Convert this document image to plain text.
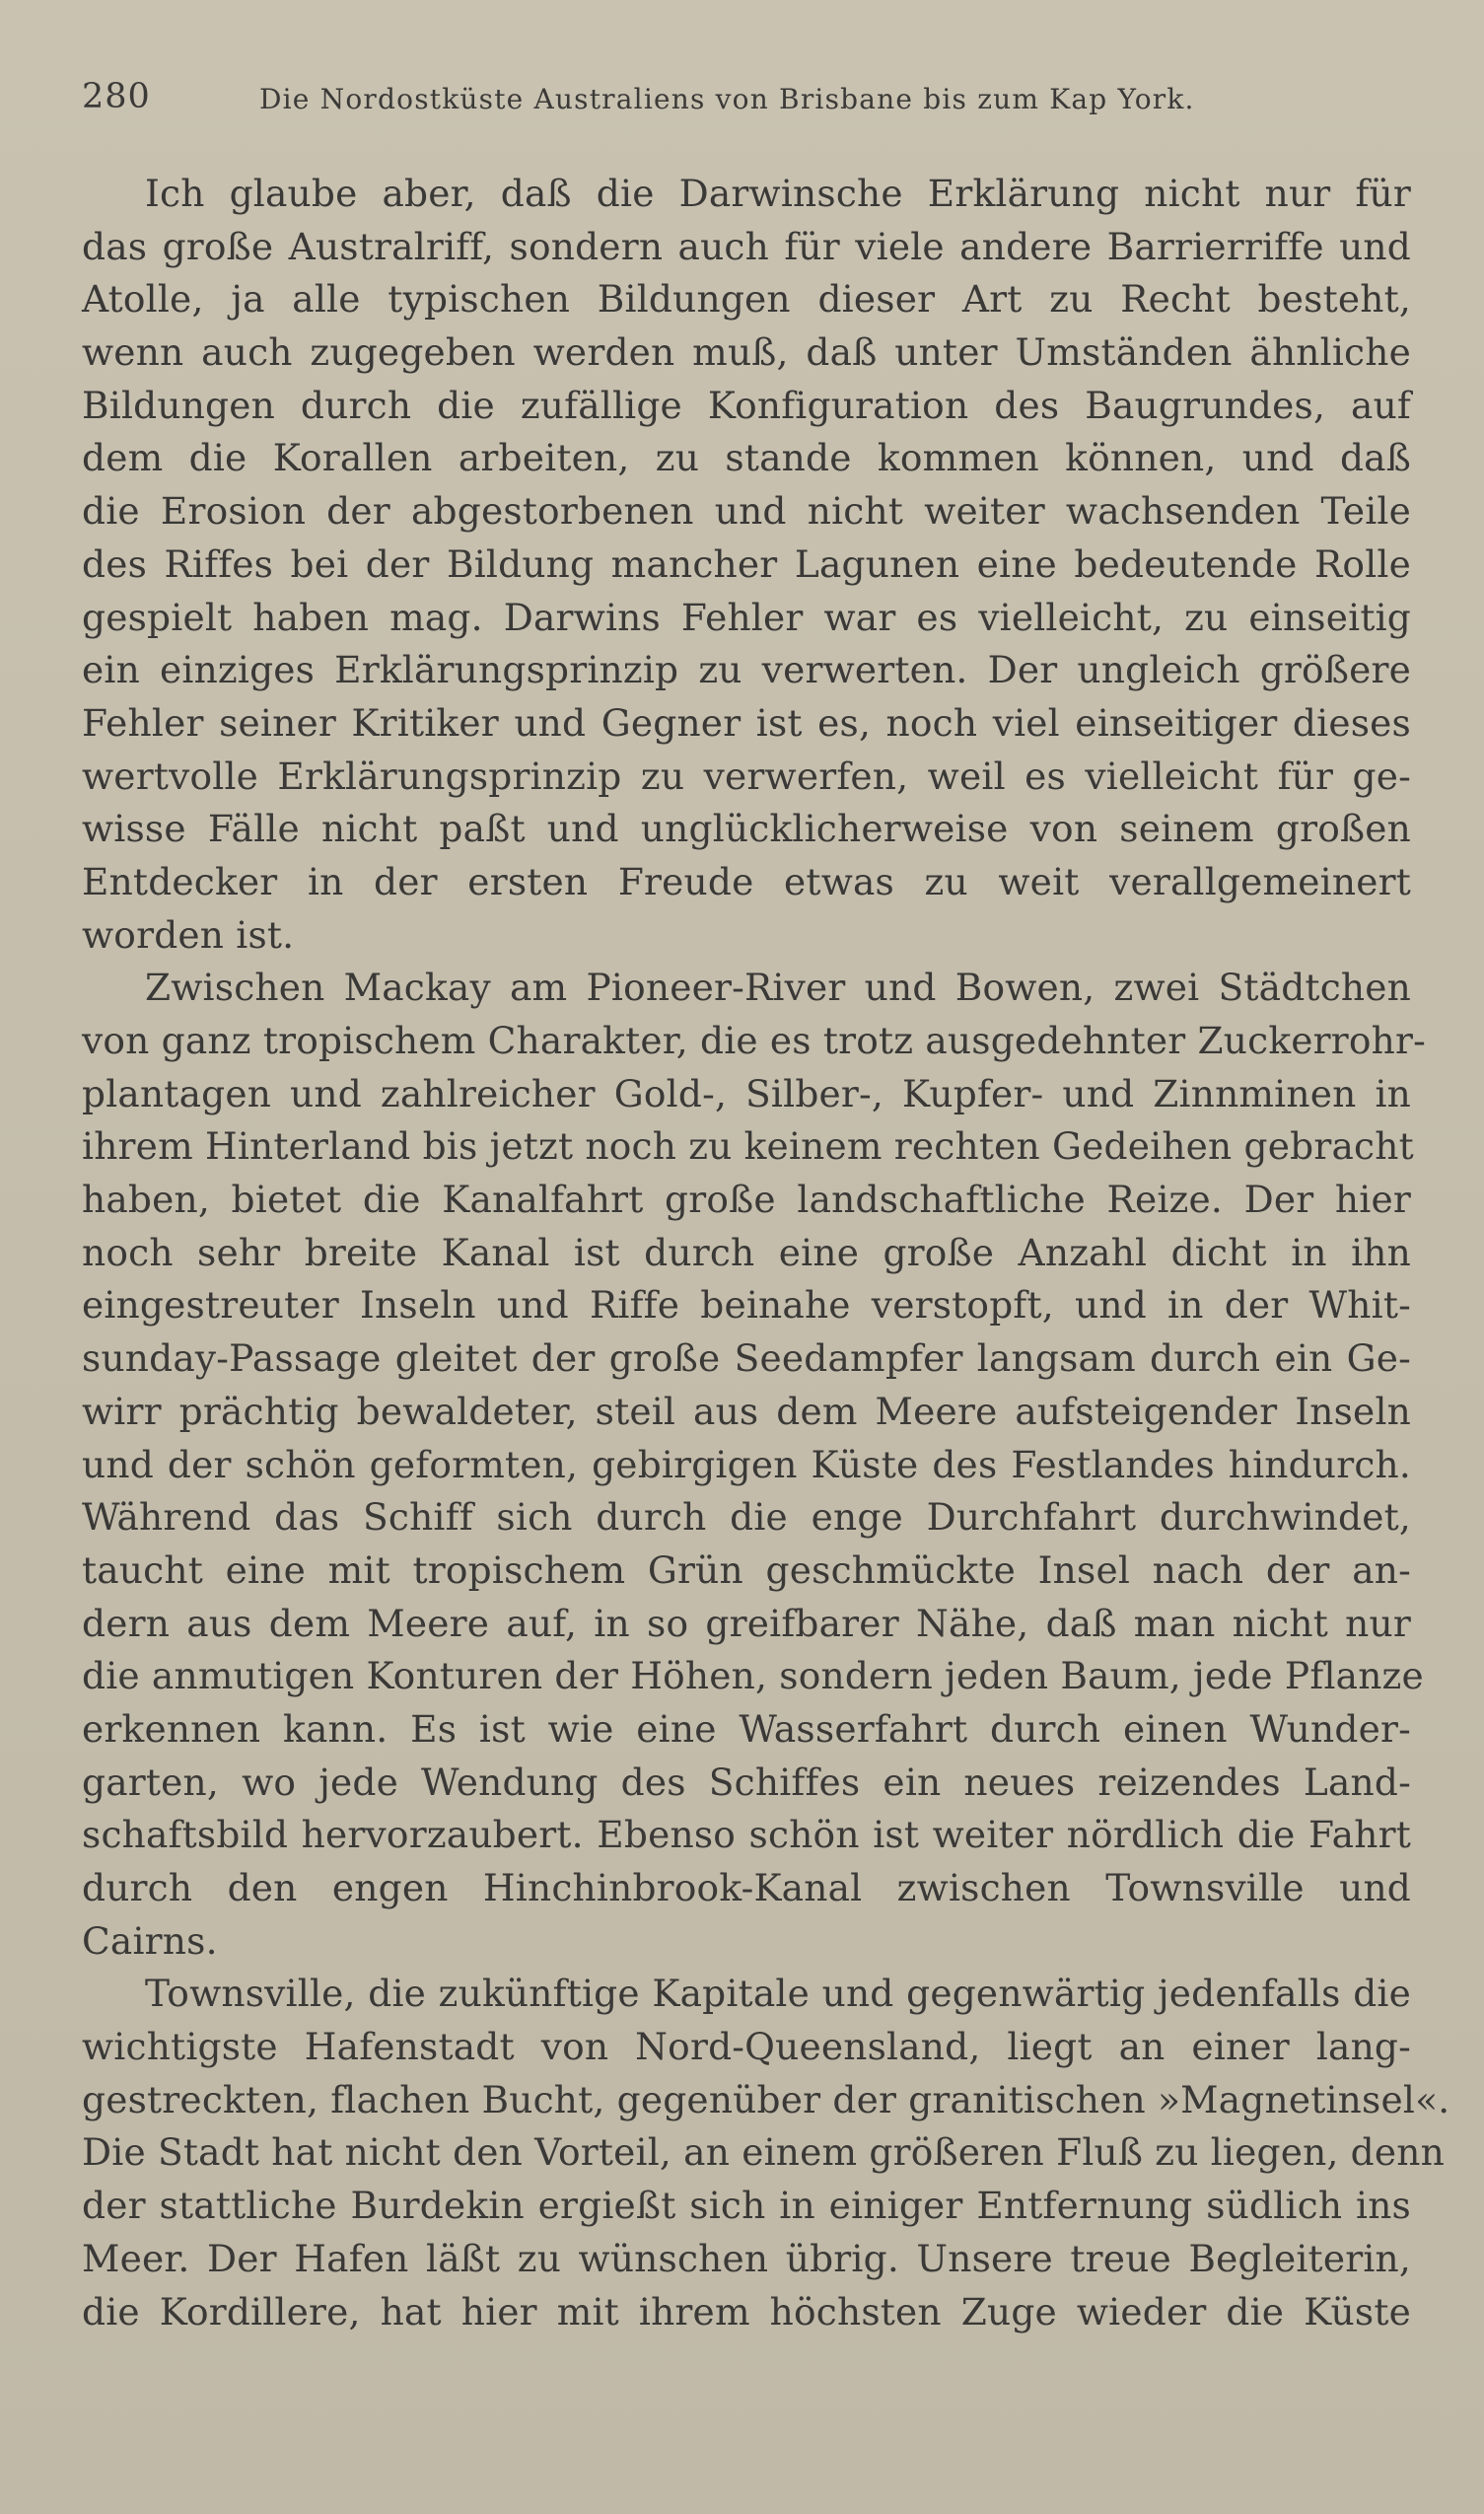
280	Die Nordostküste Australiens von Brisbane bis zum Kap York.

Ich glaube aber, daß die Darwinsche Erklärung nicht nur für
das große Australriff, sondern auch für viele andere Barrierriffe und
Atolle, ja alle typischen Bildungen dieser Art zu Recht besteht,
wenn auch zugegeben werden muß, daß unter Umständen ähnliche
Bildungen durch die zufällige Konfiguration des Baugrundes, auf
dem die Korallen arbeiten, zu stande kommen können, und daß
die Erosion der abgestorbenen und nicht weiter wachsenden Teile
des Riffes bei der Bildung mancher Lagunen eine bedeutende Rolle
gespielt haben mag. Darwins Fehler war es vielleicht, zu einseitig
ein einziges Erklärungsprinzip zu verwerten. Der ungleich größere
Fehler seiner Kritiker und Gegner ist es, noch viel einseitiger dieses
wertvolle Erklärungsprinzip zu verwerfen, weil es vielleicht für ge-
wisse Fälle nicht paßt und unglücklicherweise von seinem großen
Entdecker in der ersten Freude etwas zu weit verallgemeinert
worden ist.

Zwischen Mackay am Pioneer-River und Bowen, zwei Städtchen
von ganz tropischem Charakter, die es trotz ausgedehnter Zuckerrohr-
plantagen und zahlreicher Gold-, Silber-, Kupfer- und Zinnminen in
ihrem Hinterland bis jetzt noch zu keinem rechten Gedeihen gebracht
haben, bietet die Kanalfahrt große landschaftliche Reize. Der hier
noch sehr breite Kanal ist durch eine große Anzahl dicht in ihn
eingestreuter Inseln und Riffe beinahe verstopft, und in der Whit-
sunday-Passage gleitet der große Seedampfer langsam durch ein Ge-
wirr prächtig bewaldeter, steil aus dem Meere aufsteigender Inseln
und der schön geformten, gebirgigen Küste des Festlandes hindurch.
Während das Schiff sich durch die enge Durchfahrt durchwindet,
taucht eine mit tropischem Grün geschmückte Insel nach der an-
dern aus dem Meere auf, in so greifbarer Nähe, daß man nicht nur
die anmutigen Konturen der Höhen, sondern jeden Baum, jede Pflanze
erkennen kann. Es ist wie eine Wasserfahrt durch einen Wunder-
garten, wo jede Wendung des Schiffes ein neues reizendes Land-
schaftsbild hervorzaubert. Ebenso schön ist weiter nördlich die Fahrt
durch den engen Hinchinbrook-Kanal zwischen Townsville und
Cairns.

Townsville, die zukünftige Kapitale und gegenwärtig jedenfalls die
wichtigste Hafenstadt von Nord-Queensland, liegt an einer lang-
gestreckten, flachen Bucht, gegenüber der granitischen »Magnetinsel«.
Die Stadt hat nicht den Vorteil, an einem größeren Fluß zu liegen, denn
der stattliche Burdekin ergießt sich in einiger Entfernung südlich ins
Meer. Der Hafen läßt zu wünschen übrig. Unsere treue Begleiterin,
die Kordillere, hat hier mit ihrem höchsten Zuge wieder die Küste
